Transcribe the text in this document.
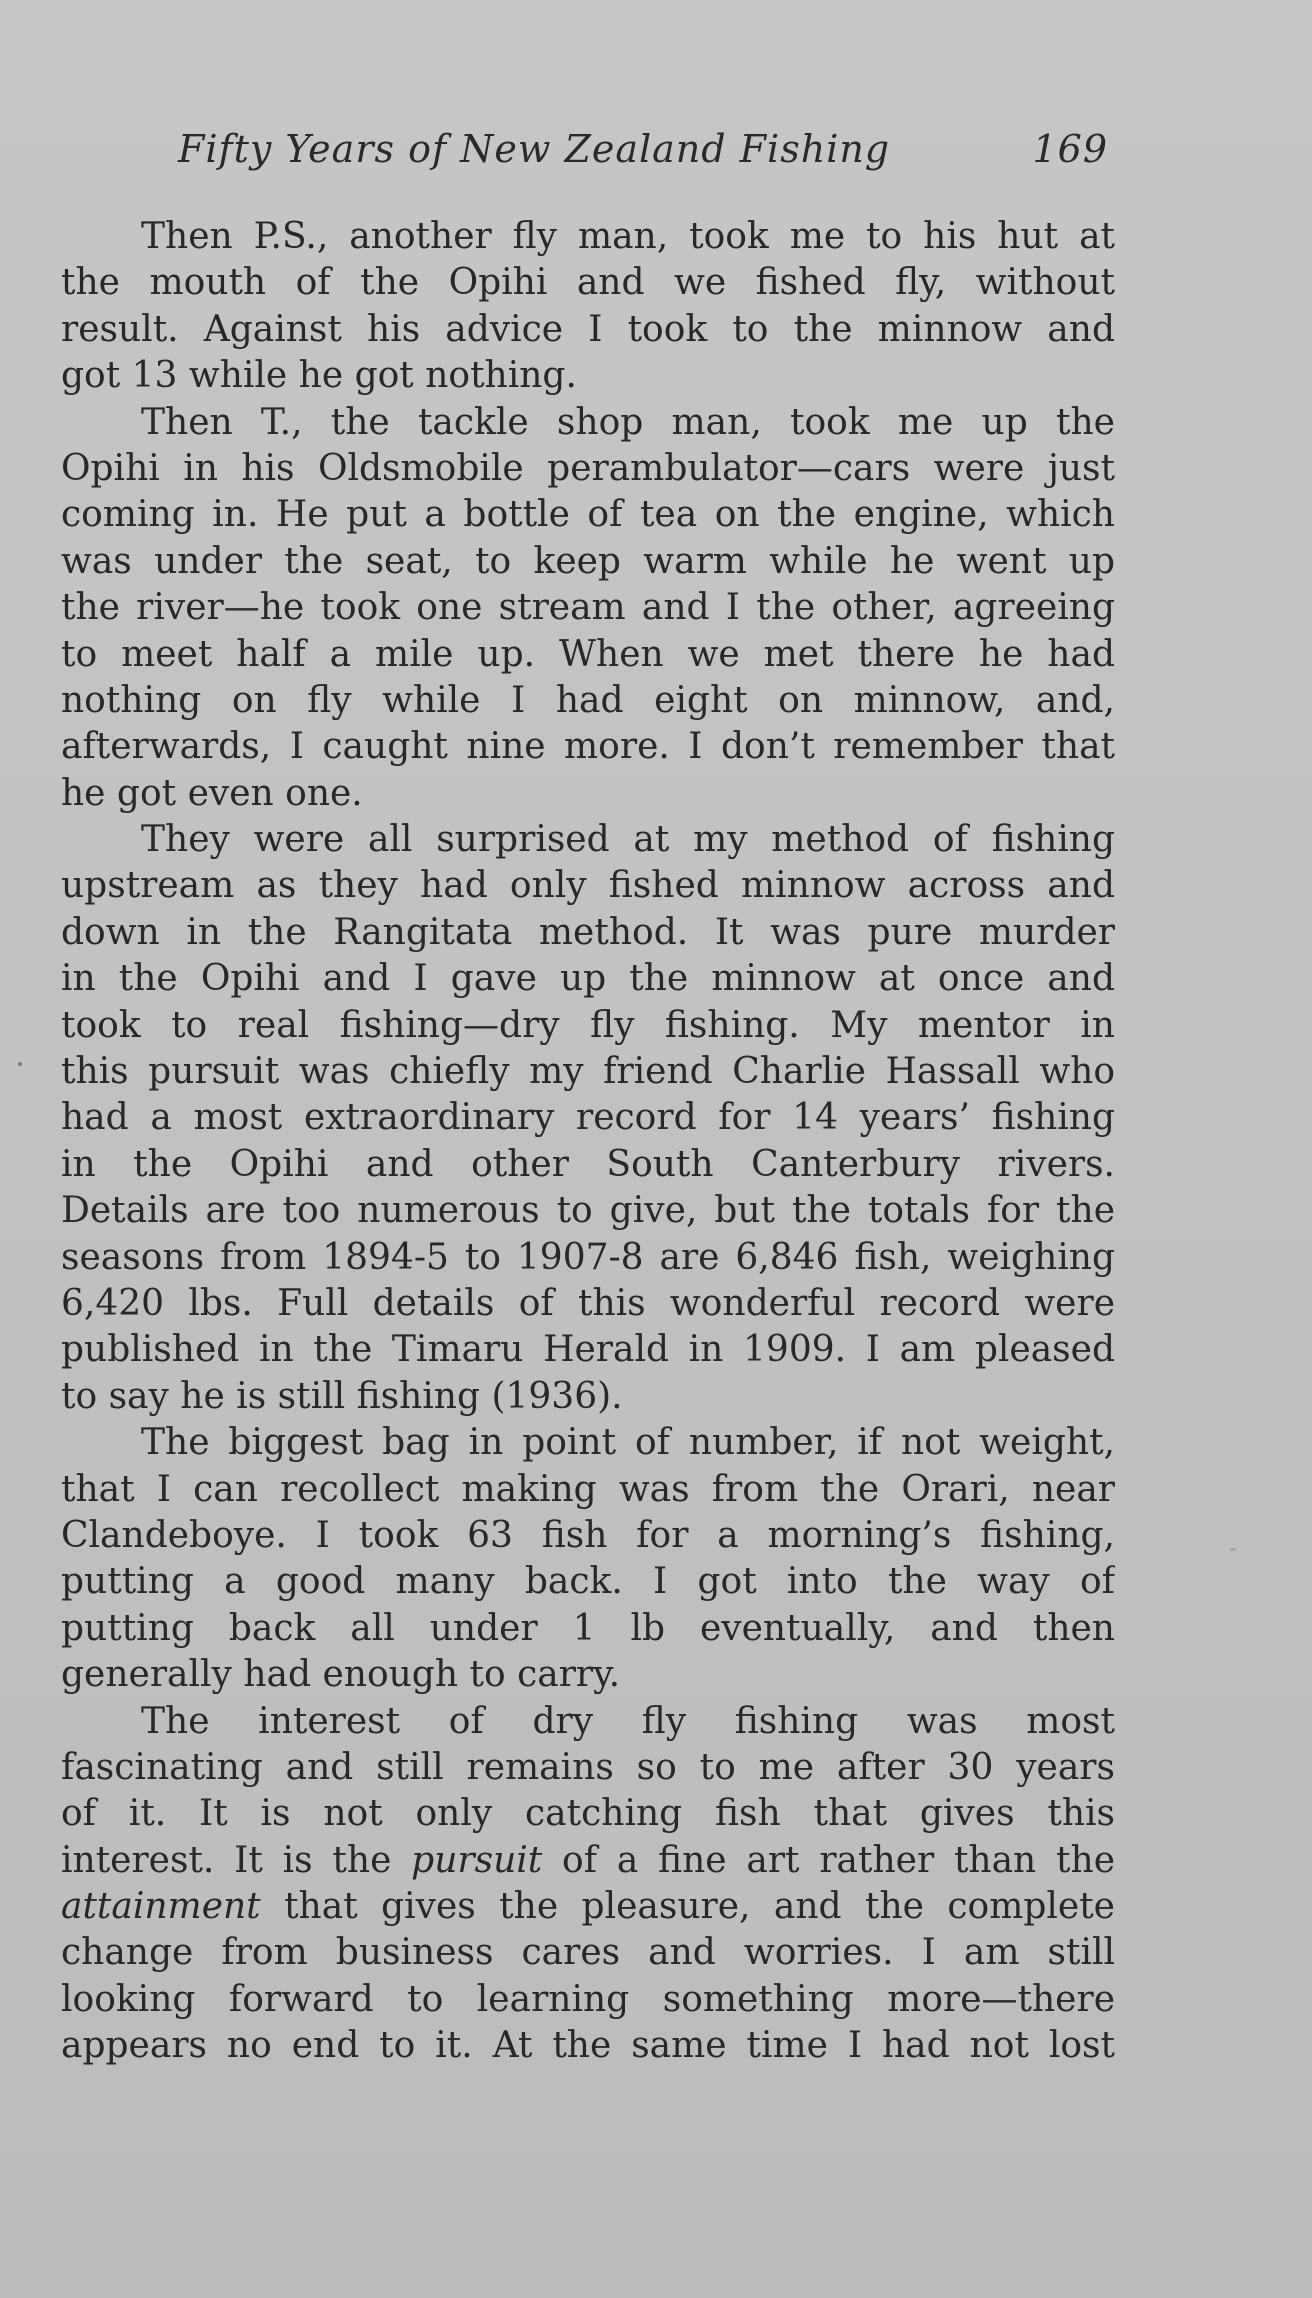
Fifty Years of New Zealand Fishing	169
Then P.S., another fly man, took me to his hut at
the mouth of the Opihi and we fished fly, without
result. Against his advice I took to the minnow and
got 13 while he got nothing.
Then T., the tackle shop man, took me up the
Opihi in his Oldsmobile perambulator—cars were just
coming in. He put a bottle of tea on the engine, which
was under the seat, to keep warm while he went up
the river—he took one stream and I the other, agreeing
to meet half a mile up. When we met there he had
nothing on fly while I had eight on minnow, and,
afterwards, I caught nine more. I don’t remember that
he got even one.
They were all surprised at my method of fishing
upstream as they had only fished minnow across and
down in the Rangitata method. It was pure murder
in the Opihi and I gave up the minnow at once and
took to real fishing—dry fly fishing. My mentor in
this pursuit was chiefly my friend Charlie Hassall who
had a most extraordinary record for 14 years’ fishing
in the Opihi and other South Canterbury rivers.
Details are too numerous to give, but the totals for the
seasons from 1894-5 to 1907-8 are 6,846 fish, weighing
6,420 lbs. Full details of this wonderful record were
published in the Timaru Herald in 1909. I am pleased
to say he is still fishing (1936).
The biggest bag in point of number, if not weight,
that I can recollect making was from the Orari, near
Clandeboye. I took 63 fish for a morning’s fishing,
putting a good many back. I got into the way of
putting back all under 1 lb eventually, and then
generally had enough to carry.
The interest of dry fly fishing was most
fascinating and still remains so to me after 30 years
of it. It is not only catching fish that gives this
interest. It is the pursuit of a fine art rather than the
attainment that gives the pleasure, and the complete
change from business cares and worries. I am still
looking forward to learning something more—there
appears no end to it. At the same time I had not lost
